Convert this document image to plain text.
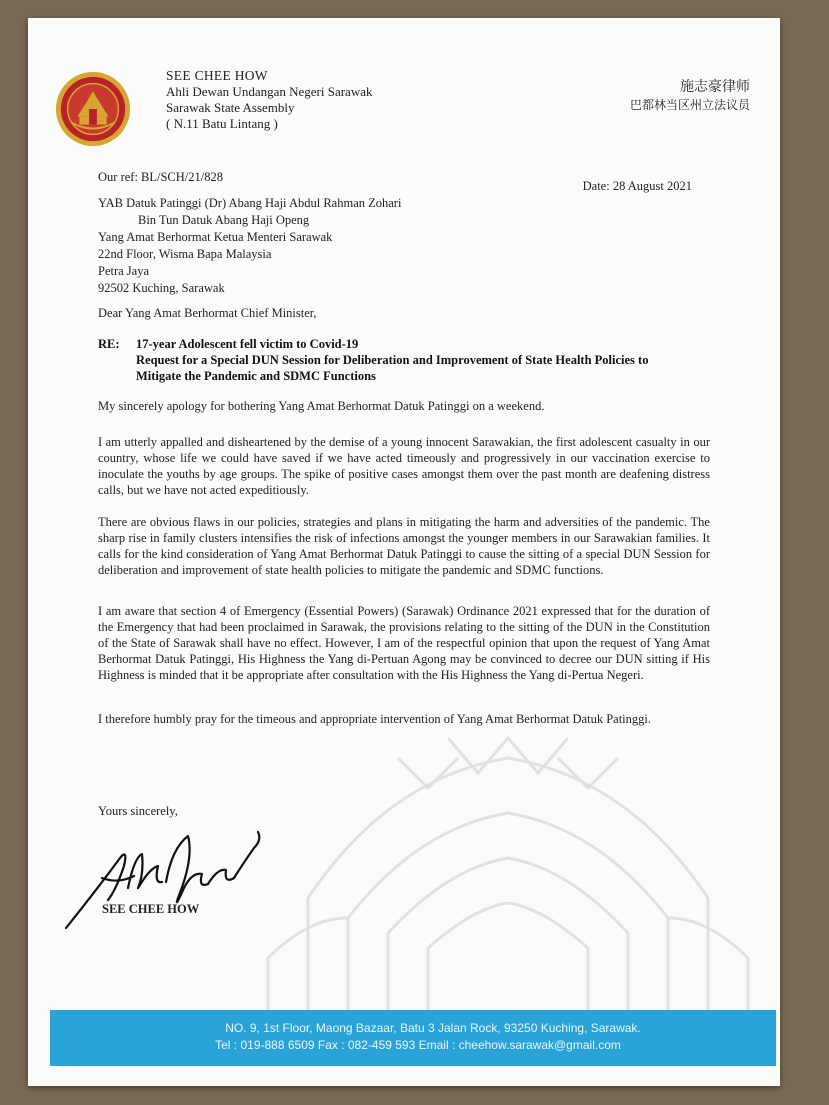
SEE CHEE HOW
Ahli Dewan Undangan Negeri Sarawak
Sarawak State Assembly
( N.11 Batu Lintang )
施志豪律师
巴都林当区州立法议员
Our ref: BL/SCH/21/828
Date: 28 August 2021
YAB Datuk Patinggi (Dr) Abang Haji Abdul Rahman Zohari
Bin Tun Datuk Abang Haji Openg
Yang Amat Berhormat Ketua Menteri Sarawak
22nd Floor, Wisma Bapa Malaysia
Petra Jaya
92502 Kuching, Sarawak
Dear Yang Amat Berhormat Chief Minister,
RE: 17-year Adolescent fell victim to Covid-19
Request for a Special DUN Session for Deliberation and Improvement of State Health Policies to
Mitigate the Pandemic and SDMC Functions
My sincerely apology for bothering Yang Amat Berhormat Datuk Patinggi on a weekend.
I am utterly appalled and disheartened by the demise of a young innocent Sarawakian, the first adolescent casualty in our country, whose life we could have saved if we have acted timeously and progressively in our vaccination exercise to inoculate the youths by age groups. The spike of positive cases amongst them over the past month are deafening distress calls, but we have not acted expeditiously.
There are obvious flaws in our policies, strategies and plans in mitigating the harm and adversities of the pandemic. The sharp rise in family clusters intensifies the risk of infections amongst the younger members in our Sarawakian families. It calls for the kind consideration of Yang Amat Berhormat Datuk Patinggi to cause the sitting of a special DUN Session for deliberation and improvement of state health policies to mitigate the pandemic and SDMC functions.
I am aware that section 4 of Emergency (Essential Powers) (Sarawak) Ordinance 2021 expressed that for the duration of the Emergency that had been proclaimed in Sarawak, the provisions relating to the sitting of the DUN in the Constitution of the State of Sarawak shall have no effect. However, I am of the respectful opinion that upon the request of Yang Amat Berhormat Datuk Patinggi, His Highness the Yang di-Pertuan Agong may be convinced to decree our DUN sitting if His Highness is minded that it be appropriate after consultation with the His Highness the Yang di-Pertua Negeri.
I therefore humbly pray for the timeous and appropriate intervention of Yang Amat Berhormat Datuk Patinggi.
Yours sincerely,
SEE CHEE HOW
NO. 9, 1st Floor, Maong Bazaar, Batu 3 Jalan Rock, 93250 Kuching, Sarawak.
Tel : 019-888 6509 Fax : 082-459 593 Email : cheehow.sarawak@gmail.com
